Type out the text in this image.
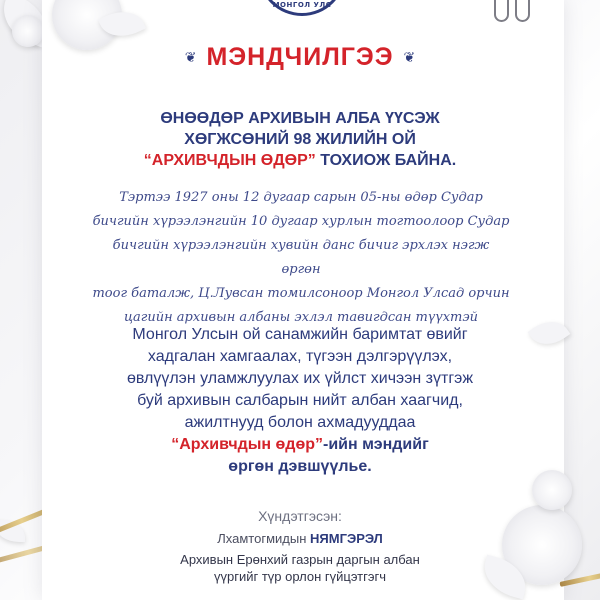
МОНГОЛ УЛС
❦ МЭНДЧИЛГЭЭ ❦
ӨНӨӨДӨР АРХИВЫН АЛБА ҮҮСЭЖ
ХӨГЖСӨНИЙ 98 ЖИЛИЙН ОЙ
“АРХИВЧДЫН ӨДӨР” ТОХИОЖ БАЙНА.
Тэртээ 1927 оны 12 дугаар сарын 05-ны өдөр Судар
бичгийн хүрээлэнгийн 10 дугаар хурлын тогтоолоор Судар
бичгийн хүрээлэнгийн хувийн данс бичиг эрхлэх нэгж өргөн
тоог баталж, Ц.Лувсан томилсоноор Монгол Улсад орчин
цагийн архивын албаны эхлэл тавигдсан түүхтэй
Монгол Улсын ой санамжийн баримтат өвийг
хадгалан хамгаалах, түгээн дэлгэрүүлэх,
өвлүүлэн уламжлуулах их үйлст хичээн зүтгэж
буй архивын салбарын нийт албан хаагчид,
ажилтнууд болон ахмадууддаа
“Архивчдын өдөр”-ийн мэндийг
өргөн дэвшүүлье.
Хүндэтгэсэн:
Лхамтогмидын НЯМГЭРЭЛ
Архивын Ерөнхий газрын даргын албан
үүргийг түр орлон гүйцэтгэгч
